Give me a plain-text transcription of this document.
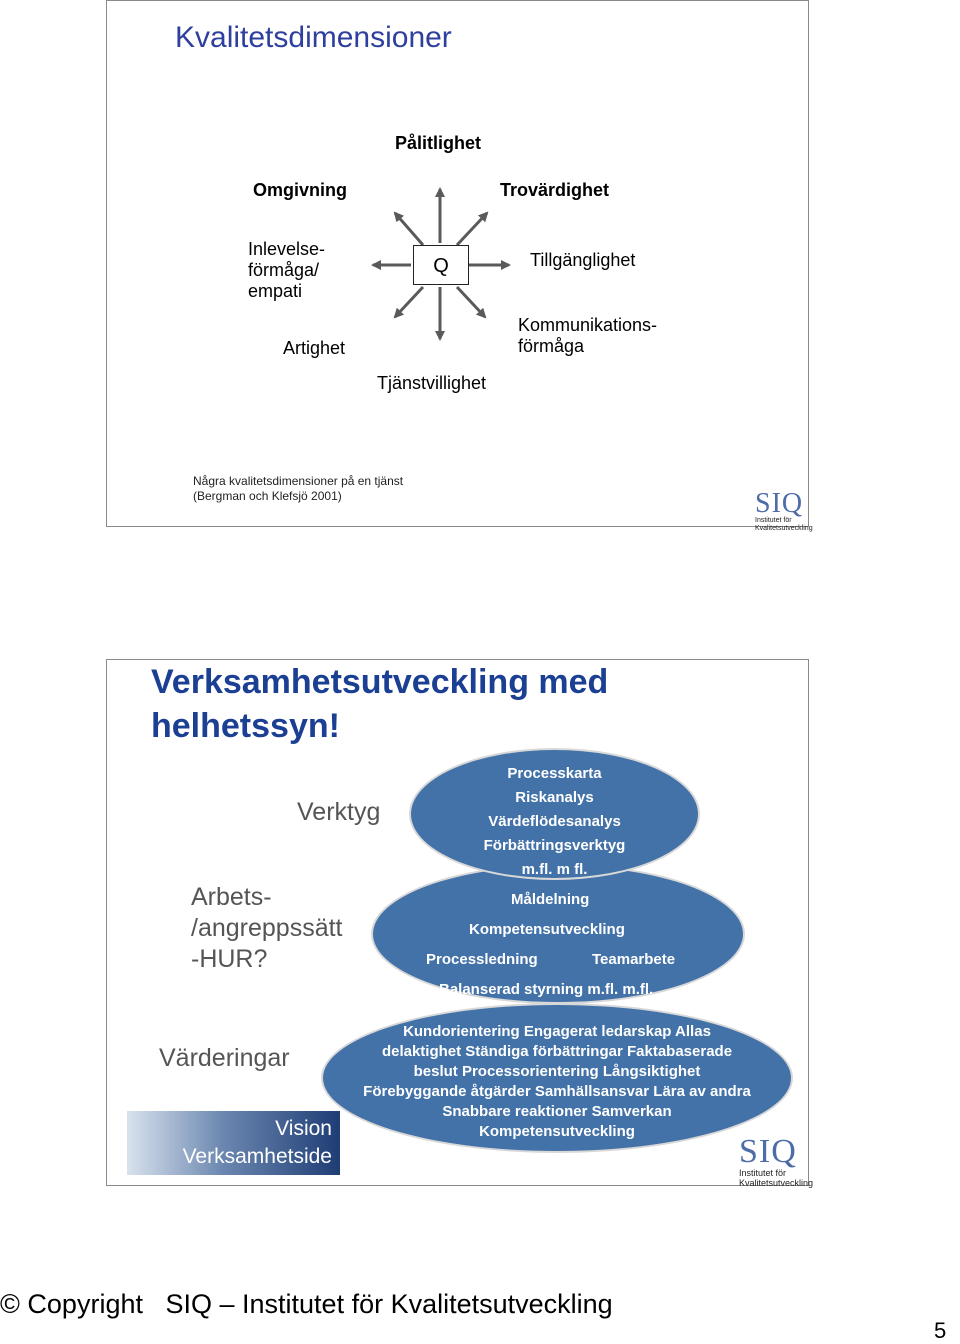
Kvalitetsdimensioner
Q
Pålitlighet
Omgivning	Trovärdighet
Inlevelse-
förmåga/
empati
Tillgänglighet
Artighet
Kommunikations-
förmåga
Tjänstvillighet
Några kvalitetsdimensioner på en tjänst
(Bergman och Klefsjö 2001)	SIQ
Institutet för
Kvalitetsutveckling
Verksamhetsutveckling med
helhetssyn!
Verktyg
Arbets-
/angreppssätt
-HUR?
Värderingar
Vision
Verksamhetside
Kundorientering Engagerat ledarskap Allas
delaktighet Ständiga förbättringar Faktabaserade
beslut Processorientering Långsiktighet
Förebyggande åtgärder Samhällsansvar Lära av andra
Snabbare reaktioner Samverkan
Kompetensutveckling
Måldelning
Kompetensutveckling
Processledning	Teamarbete
Balanserad styrning m.fl. m.fl.
Processkarta
Riskanalys
Värdeflödesanalys
Förbättringsverktyg
m.fl. m fl.
SIQ
Institutet för
Kvalitetsutveckling
© Copyright   SIQ – Institutet för Kvalitetsutveckling
5
